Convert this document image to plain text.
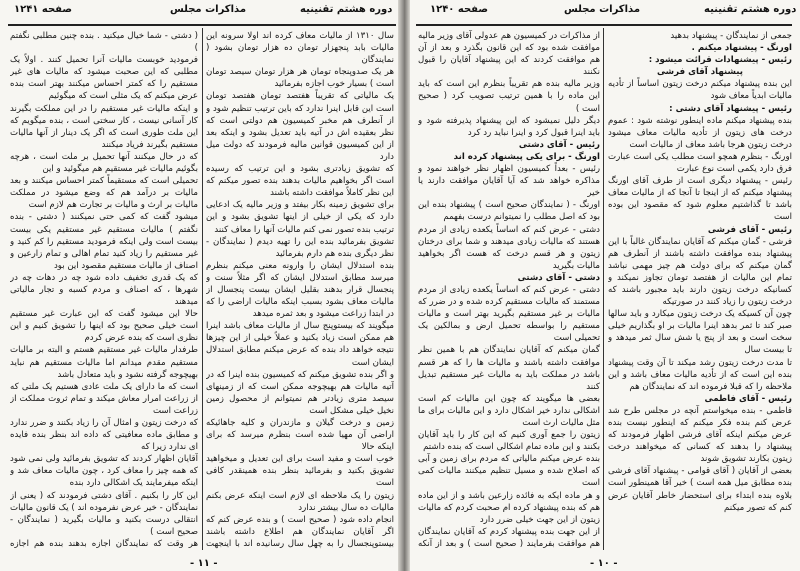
صفحه ۱۲۴۱	مذاکرات مجلس	دوره هشتم تقنینیه

سال ۱۳۱۰ از مالیات معاف کرده اند اولا سرونه این مالیات بابد پنجهزار تومان ده هزار تومان بشود ( نمایندگان

هر یک صدوپنجاه تومان هر هزار تومان سیصد تومان است ) بسیار خوب اجازه بفرمائید

یک مالیاتی که تقریباً هفتصد تومان هفتصد تومان است این قابل اینرا ندارد که باین ترتیب تنظیم شود و از آنطرف هم مخبر کمیسیون هم دولتی است که نظر بعقیده اش در آتیه باید تعدیل بشود و اینکه بعد از این کمیسیون قوانین مالیه فرمودند که دولت میل دارد

که تشویق زیادتری بشود و این ترتیب که رسیده است اگر بخواهیم مالیات بدهند بنده تصور میکنم که این نظر کاملاً موافقت داشته باشند

برای تشویق زمینه بکار بیفتد و وزیر مالیه یک ادعایی دارد که یکی از خیلی از اینها تشویق بشود و این ترتیب بنده تصور نمی کنم مالیات آنها را معاف کنند

تشویق بفرمائید بنده این را تهیه دیدم ( نمایندگان - نظر دیگری بنده هم دارم بفرمائید

بنده استدلال ایشان را وارونه معنی میکنم بنظرم میرسد مطابق استدلال ایشان که اگر مثلاً سنت و پنجسال قرار بدهند بقلیل ایشان بیست پنجسال از مالیات معاف بشود بسبب اینکه مالیات اراضی را که در ابتدا زراعت میشود و بعد ثمره میدهد

میگویند که بیستوپنج سال از مالیات معاف باشد اینرا هم ممکن است زیاد بکنید و عملاً خیلی از این چیزها نتیجه خواهد داد بنده که عرض میکنم مطابق استدلال ایشان است

و اگر بنده تشویق میکنم که کمیسیون بنده اینرا که در آتیه مالیات هم بهیچوجه ممکن است که از زمینهای سیصد متری زیادتر هم نمیتوانم از محصول زمین نخیل خیلی مشکل است

زمین و درخت گیلان و مازندران و کلیه جاهائیکه اراضی آن مهیا شده است بنظرم میرسد که برای اینکه حالا

خوب است و مفید است برای این تعدیل و میخواهید تشویق بکنید و بفرمائید بنظر بنده همینقدر کافی است

زیتون را یک ملاحظه ای لازم است اینکه عرض بکنم مالیات ده سال بیشتر ندارد

انجام داده شود ( صحیح است ) و بنده عرض کنم که اگر آقایان نمایندگان هم اطلاع داشته باشند بیستوپنجسال را به چهل سال رسانیده اند با اینجهت

( دشتی - شما خیال میکنید . بنده چنین مطلبی نگفتم )

فرمودید خوبست مالیات آنرا تحمیل کنند . اولاً یک مطلبی که این صحبت میشود که مالیات های غیر مستقیم را که کمتر احساس میکنند بهتر است بنده عرض میکنم که یک مثلی است که میگوئیم

و اینکه مالیات غیر مستقیم را در این مملکت بگیرند کار آسانی نیست ، کار سختی است ، بنده میگویم که این ملت طوری است که اگر یک دینار از آنها مالیات مستقیم بگیرند فریاد میکنند

که در حال میکنند آنها تحمیل بر ملت است ، هرچه بگوئیم مالیات غیر مستقیم هم میگوئید و این

تحمیلی است که مستقیماً کمتر احساس میکنند و بعد مالیات بر درآمد هم که وضع میشود در مملکت مالیات بر ارث و مالیات بر تجارت هم لازم است

میشود گفت که کمی حتی نمیکنند ( دشتی - بنده نگفتم ) مالیات مستقیم غیر مستقیم یکی بیست بیست است ولی اینکه فرمودید مستقیم را کم کنید و غیر مستقیم را زیاد کنید تمام اهالی و تمام زارعین و اصناف از مالیات مستقیم مقصود این بود

که یک قدری تخفیف داده شود چه در دهات چه در شهرها ، که اصناف و مردم کسبه و تجار مالیاتی میدهند

حالا این میشود گفت که این عبارت غیر مستقیم است خیلی صحیح بود که اینها را تشویق کنیم و این نظری است که بنده عرض کردم

طرفدار مالیات غیر مستقیم هستم و البته بر مالیات مستقیم مقدم میدانم اما مالیات مستقیم هم نباید بهیچوجه گرفته نشود و باید متعادل باشد

است که ما دارای یک ملت عادی هستیم یک ملتی که از زراعت امرار معاش میکند و تمام ثروت مملکت از زراعت است

که درخت زیتون و امثال آن را زیاد بکنند و ضرر ندارد و مطابق ماده معافیتی که داده اند بنظر بنده فایده ای ندارد زیرا که

آقایان اظهار کردند که تشویق بفرمائید ولی نمی شود که همه چیز را معاف کرد ، چون مالیات معاف شد و اینکه میفرمایند یک اشکالی دارد بنده

این کار را بکنیم . آقای دشتی فرمودند که ( یعنی از نمایندگان - خیر عرض نفرموده اند ) یک قانون مالیات انتقالی درست بکنید و مالیات بگیرید ( نمایندگان - صحیح است )

هر وقت که نمایندگان اجازه بدهند بنده هم اجازه

- ۱۱ -
صفحه ۱۲۴۰	مذاکرات مجلس	دوره هشتم تقنینیه

جمعی از نمایندگان - پیشنهاد بدهید

اورنگ - پیشنهاد میکنم .

رئیس - پیشنهادات قرائت میشود :

پیشنهاد آقای فرشی

این بنده پیشنهاد میکنم درخت زیتون اساساً از تأدیه مالیات ابدیاً معاف شود

رئیس - پیشنهاد آقای دشتی :

بنده پیشنهاد میکنم ماده اینطور نوشته شود : عموم درخت های زیتون از تأدیه مالیات معاف میشود درخت زیتون هرجا باشد معاف از مالیات است

اورنگ - بنظرم همچو است مطلب یکی است عبارت فرق دارد یکمی است نوع عبارت

رئیس - پیشنهاد دیگری است از طرف آقای اورنگ پیشنهاد میکنم که از اینجا تا آنجا که از مالیات معاف باشد تا گذاشتیم معلوم شود که مقصود این بوده است

رئیس - آقای فرشی

فرشی - گمان میکنم که آقایان نمایندگان غالباً با این پیشنهاد بنده موافقت داشته باشند از آنطرف هم گمان میکنم که برای دولت هم چیز مهمی نباشد تمام این مالیات از هفتصد تومان تجاوز نمیکند و کسانیکه درخت زیتون دارند باید مجبور باشند که درخت زیتون را زیاد کنند در صورتیکه

چون آن کسیکه یک درخت زیتون میکارد و باید سالها صبر کند تا ثمر بدهد اینرا مالیات بر او بگذاریم خیلی سخت است و بعد از پنج یا شش سال ثمر میدهد و تا بیست سال

تا مدت درخت زیتون رشد میکند تا آن وقت پیشنهاد بنده این است که از تأدیه مالیات معاف باشد و این ملاحظه را که قبلا فرموده اند که نمایندگان هم

رئیس - آقای فاطمی

فاطمی - بنده میخواستم آنچه در مجلس طرح شد عرض کنم بنده فکر میکنم که اینطور نیست بنده عرض میکنم اینکه آقای فرشی اظهار فرمودند که پیشنهاد را بدهند که کسانی که میخواهند درخت زیتون بکارند تشویق شوند

بعضی از آقایان ( آقای قوامی - پیشنهاد آقای فرشی بنده مطابق میل همه است ) خیر آقا همینطور است بلاوه بنده ابتداء برای استحضار خاطر آقایان عرض کنم که تصور میکنم

از مذاکرات در کمیسیون هم عدولی آقای وزیر مالیه موافقت شده بود که این قانون بگذرد و بعد از آن هم موافقت کردند که این پیشنهاد آقایان را قبول نکنند

وزیر مالیه بنده هم تقریباً بنظرم این است که باید این ماده را با همین ترتیب تصویب کرد ( صحیح است )

دیگر دلیل نمیشود که این پیشنهاد پذیرفته شود و باید اینرا قبول کرد و اینرا نباید رد کرد

رئیس - آقای دشتی

اورنگ - برای یکی پیشنهاد کرده اند

رئیس - بعداً کمیسیون اظهار نظر خواهند نمود و مذاکره خواهد شد که آیا آقایان موافقت دارند یا خیر

اورنگ - ( نمایندگان صحیح است ) پیشنهاد بنده این بود که اصل مطلب را نمیتوانم درست بفهمم

دشتی - عرض کنم که اساساً یکعده زیادی از مردم هستند که مالیات زیادی میدهند و شما برای درختان زیتون و هر قسم درخت که هست اگر بخواهید مالیات بگیرید

دشتی - آقای دشتی

دشتی - عرض کنم که اساساً یکعده زیادی از مردم مستمند که مالیات مستقیم کرده شده و در ضرر که مالیات بر غیر مستقیم بگیرید بهتر است و مالیات مستقیم را بواسطه تحمیل ارض و بمالکین یک تحمیلی است

گمان میکنم که آقایان نمایندگان هم با همین نظر موافقت داشته باشند و مالیات ها را که هر قسم باشد در مملکت باید به مالیات غیر مستقیم تبدیل کنند

بعضی ها میگویند که چون این مالیات کم است اشکالی ندارد خیر اشکال دارد و این مالیات برای ما مثل مالیات ارث است

زیتون را جمع آوری کنیم که این کار را باید آقایان بکنند و این ماده تمام اشکالی است که بنده داشتم

بنده عرض میکنم مالیاتی که مردم برای زمین و آبی که اصلاح شده و مسیل تنظیم میکنند مالیات کمی است

و هر ماده ایکه به فائده زارعین باشد و از این ماده هم که بنده پیشنهاد کرده ام صحبت کردم که مالیات زیتون از این جهت خیلی ضرر دارد

از این جهت بنده پیشنهاد کردم که آقایان نمایندگان هم موافقت بفرمایند ( صحیح است ) و بعد از آنکه

- ۱۰ -
